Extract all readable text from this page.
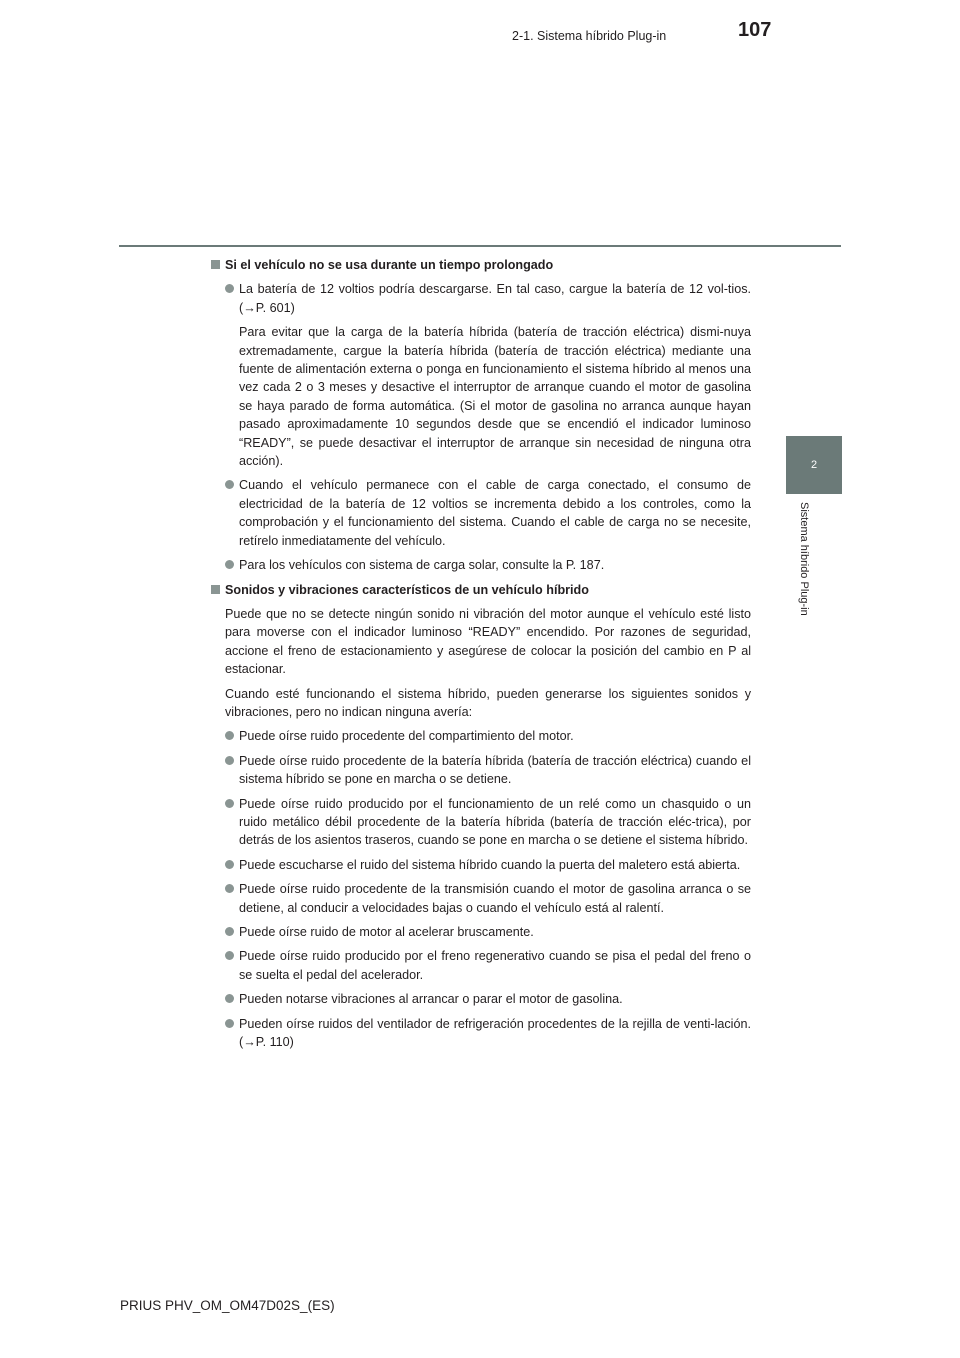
2-1. Sistema híbrido Plug-in	107
2
Sistema híbrido Plug-in
Si el vehículo no se usa durante un tiempo prolongado
La batería de 12 voltios podría descargarse. En tal caso, cargue la batería de 12 vol-tios. (→P. 601)
Para evitar que la carga de la batería híbrida (batería de tracción eléctrica) dismi-nuya extremadamente, cargue la batería híbrida (batería de tracción eléctrica) mediante una fuente de alimentación externa o ponga en funcionamiento el sistema híbrido al menos una vez cada 2 o 3 meses y desactive el interruptor de arranque cuando el motor de gasolina se haya parado de forma automática. (Si el motor de gasolina no arranca aunque hayan pasado aproximadamente 10 segundos desde que se encendió el indicador luminoso “READY”, se puede desactivar el interruptor de arranque sin necesidad de ninguna otra acción).
Cuando el vehículo permanece con el cable de carga conectado, el consumo de electricidad de la batería de 12 voltios se incrementa debido a los controles, como la comprobación y el funcionamiento del sistema. Cuando el cable de carga no se necesite, retírelo inmediatamente del vehículo.
Para los vehículos con sistema de carga solar, consulte la P. 187.
Sonidos y vibraciones característicos de un vehículo híbrido
Puede que no se detecte ningún sonido ni vibración del motor aunque el vehículo esté listo para moverse con el indicador luminoso “READY” encendido. Por razones de seguridad, accione el freno de estacionamiento y asegúrese de colocar la posición del cambio en P al estacionar.
Cuando esté funcionando el sistema híbrido, pueden generarse los siguientes sonidos y vibraciones, pero no indican ninguna avería:
Puede oírse ruido procedente del compartimiento del motor.
Puede oírse ruido procedente de la batería híbrida (batería de tracción eléctrica) cuando el sistema híbrido se pone en marcha o se detiene.
Puede oírse ruido producido por el funcionamiento de un relé como un chasquido o un ruido metálico débil procedente de la batería híbrida (batería de tracción eléc-trica), por detrás de los asientos traseros, cuando se pone en marcha o se detiene el sistema híbrido.
Puede escucharse el ruido del sistema híbrido cuando la puerta del maletero está abierta.
Puede oírse ruido procedente de la transmisión cuando el motor de gasolina arranca o se detiene, al conducir a velocidades bajas o cuando el vehículo está al ralentí.
Puede oírse ruido de motor al acelerar bruscamente.
Puede oírse ruido producido por el freno regenerativo cuando se pisa el pedal del freno o se suelta el pedal del acelerador.
Pueden notarse vibraciones al arrancar o parar el motor de gasolina.
Pueden oírse ruidos del ventilador de refrigeración procedentes de la rejilla de venti-lación. (→P. 110)
PRIUS PHV_OM_OM47D02S_(ES)
